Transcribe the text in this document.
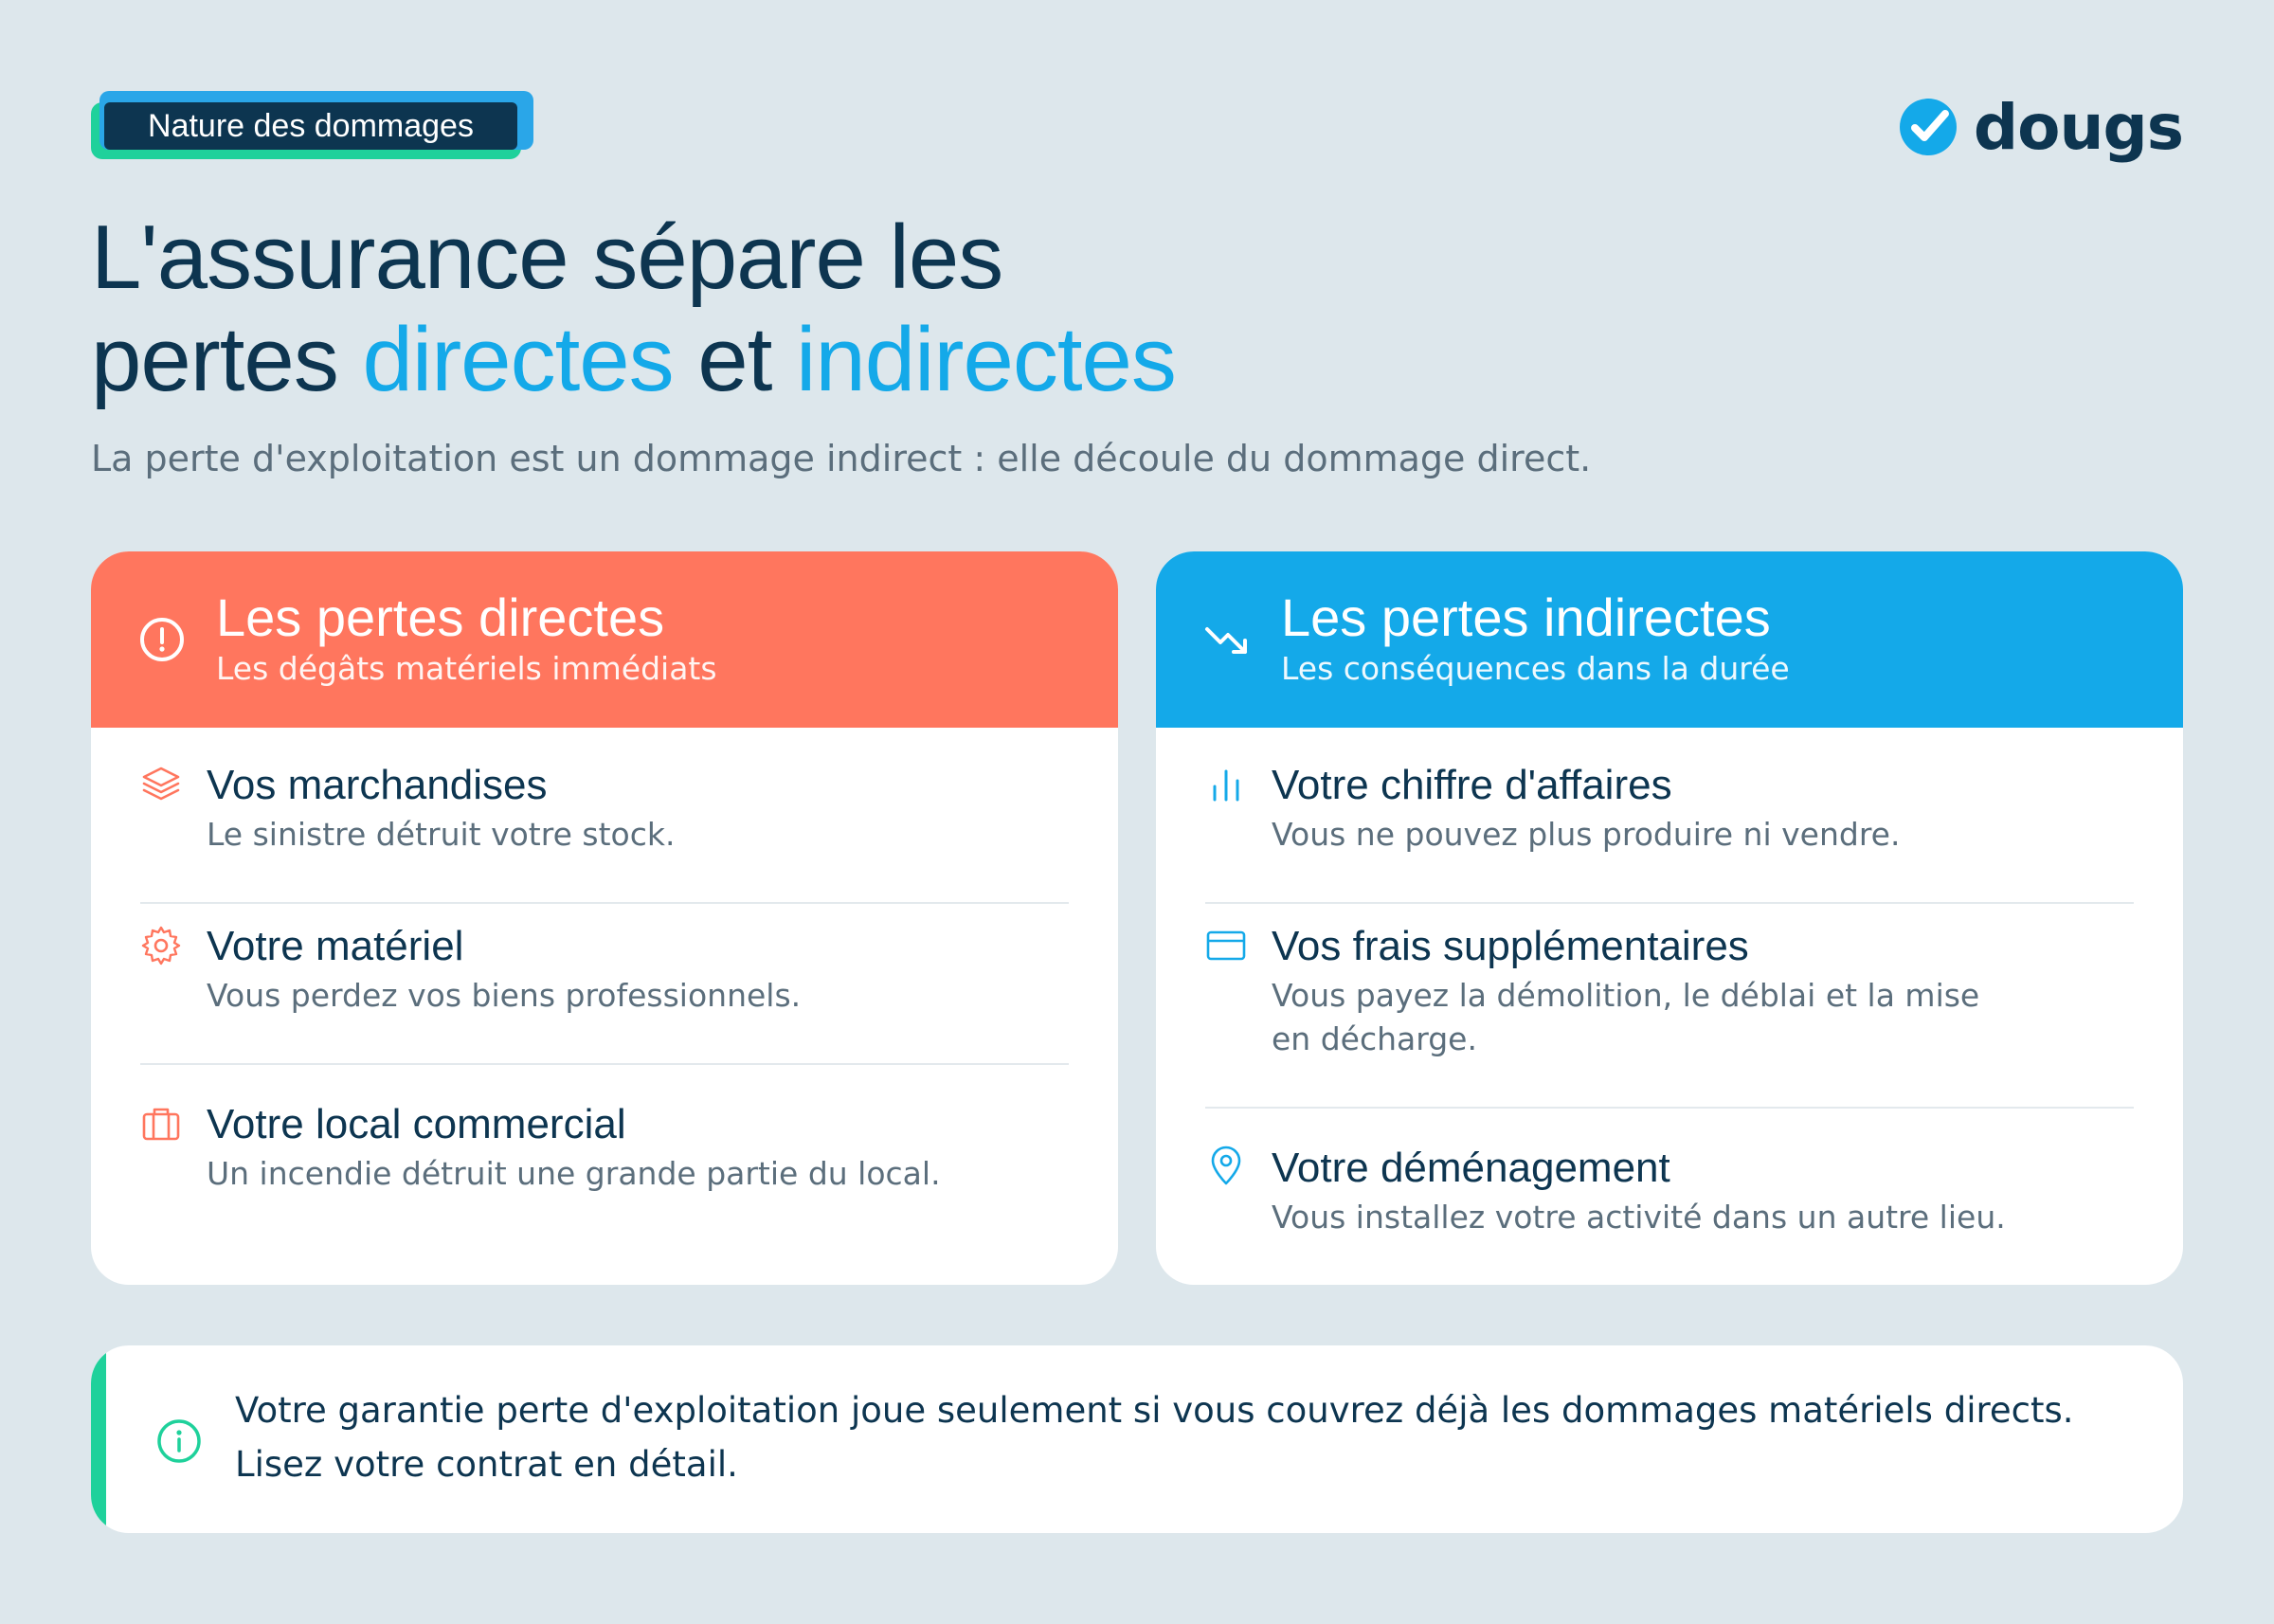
Nature des dommages	dougs
L'assurance sépare les
pertes directes et indirectes
La perte d'exploitation est un dommage indirect : elle découle du dommage direct.
Les pertes directes
Les dégâts matériels immédiats
Vos marchandises
Le sinistre détruit votre stock.
Votre matériel
Vous perdez vos biens professionnels.
Votre local commercial
Un incendie détruit une grande partie du local.
Les pertes indirectes
Les conséquences dans la durée
Votre chiffre d'affaires
Vous ne pouvez plus produire ni vendre.
Vos frais supplémentaires
Vous payez la démolition, le déblai et la mise en décharge.
Votre déménagement
Vous installez votre activité dans un autre lieu.
Votre garantie perte d'exploitation joue seulement si vous couvrez déjà les dommages matériels directs. Lisez votre contrat en détail.
